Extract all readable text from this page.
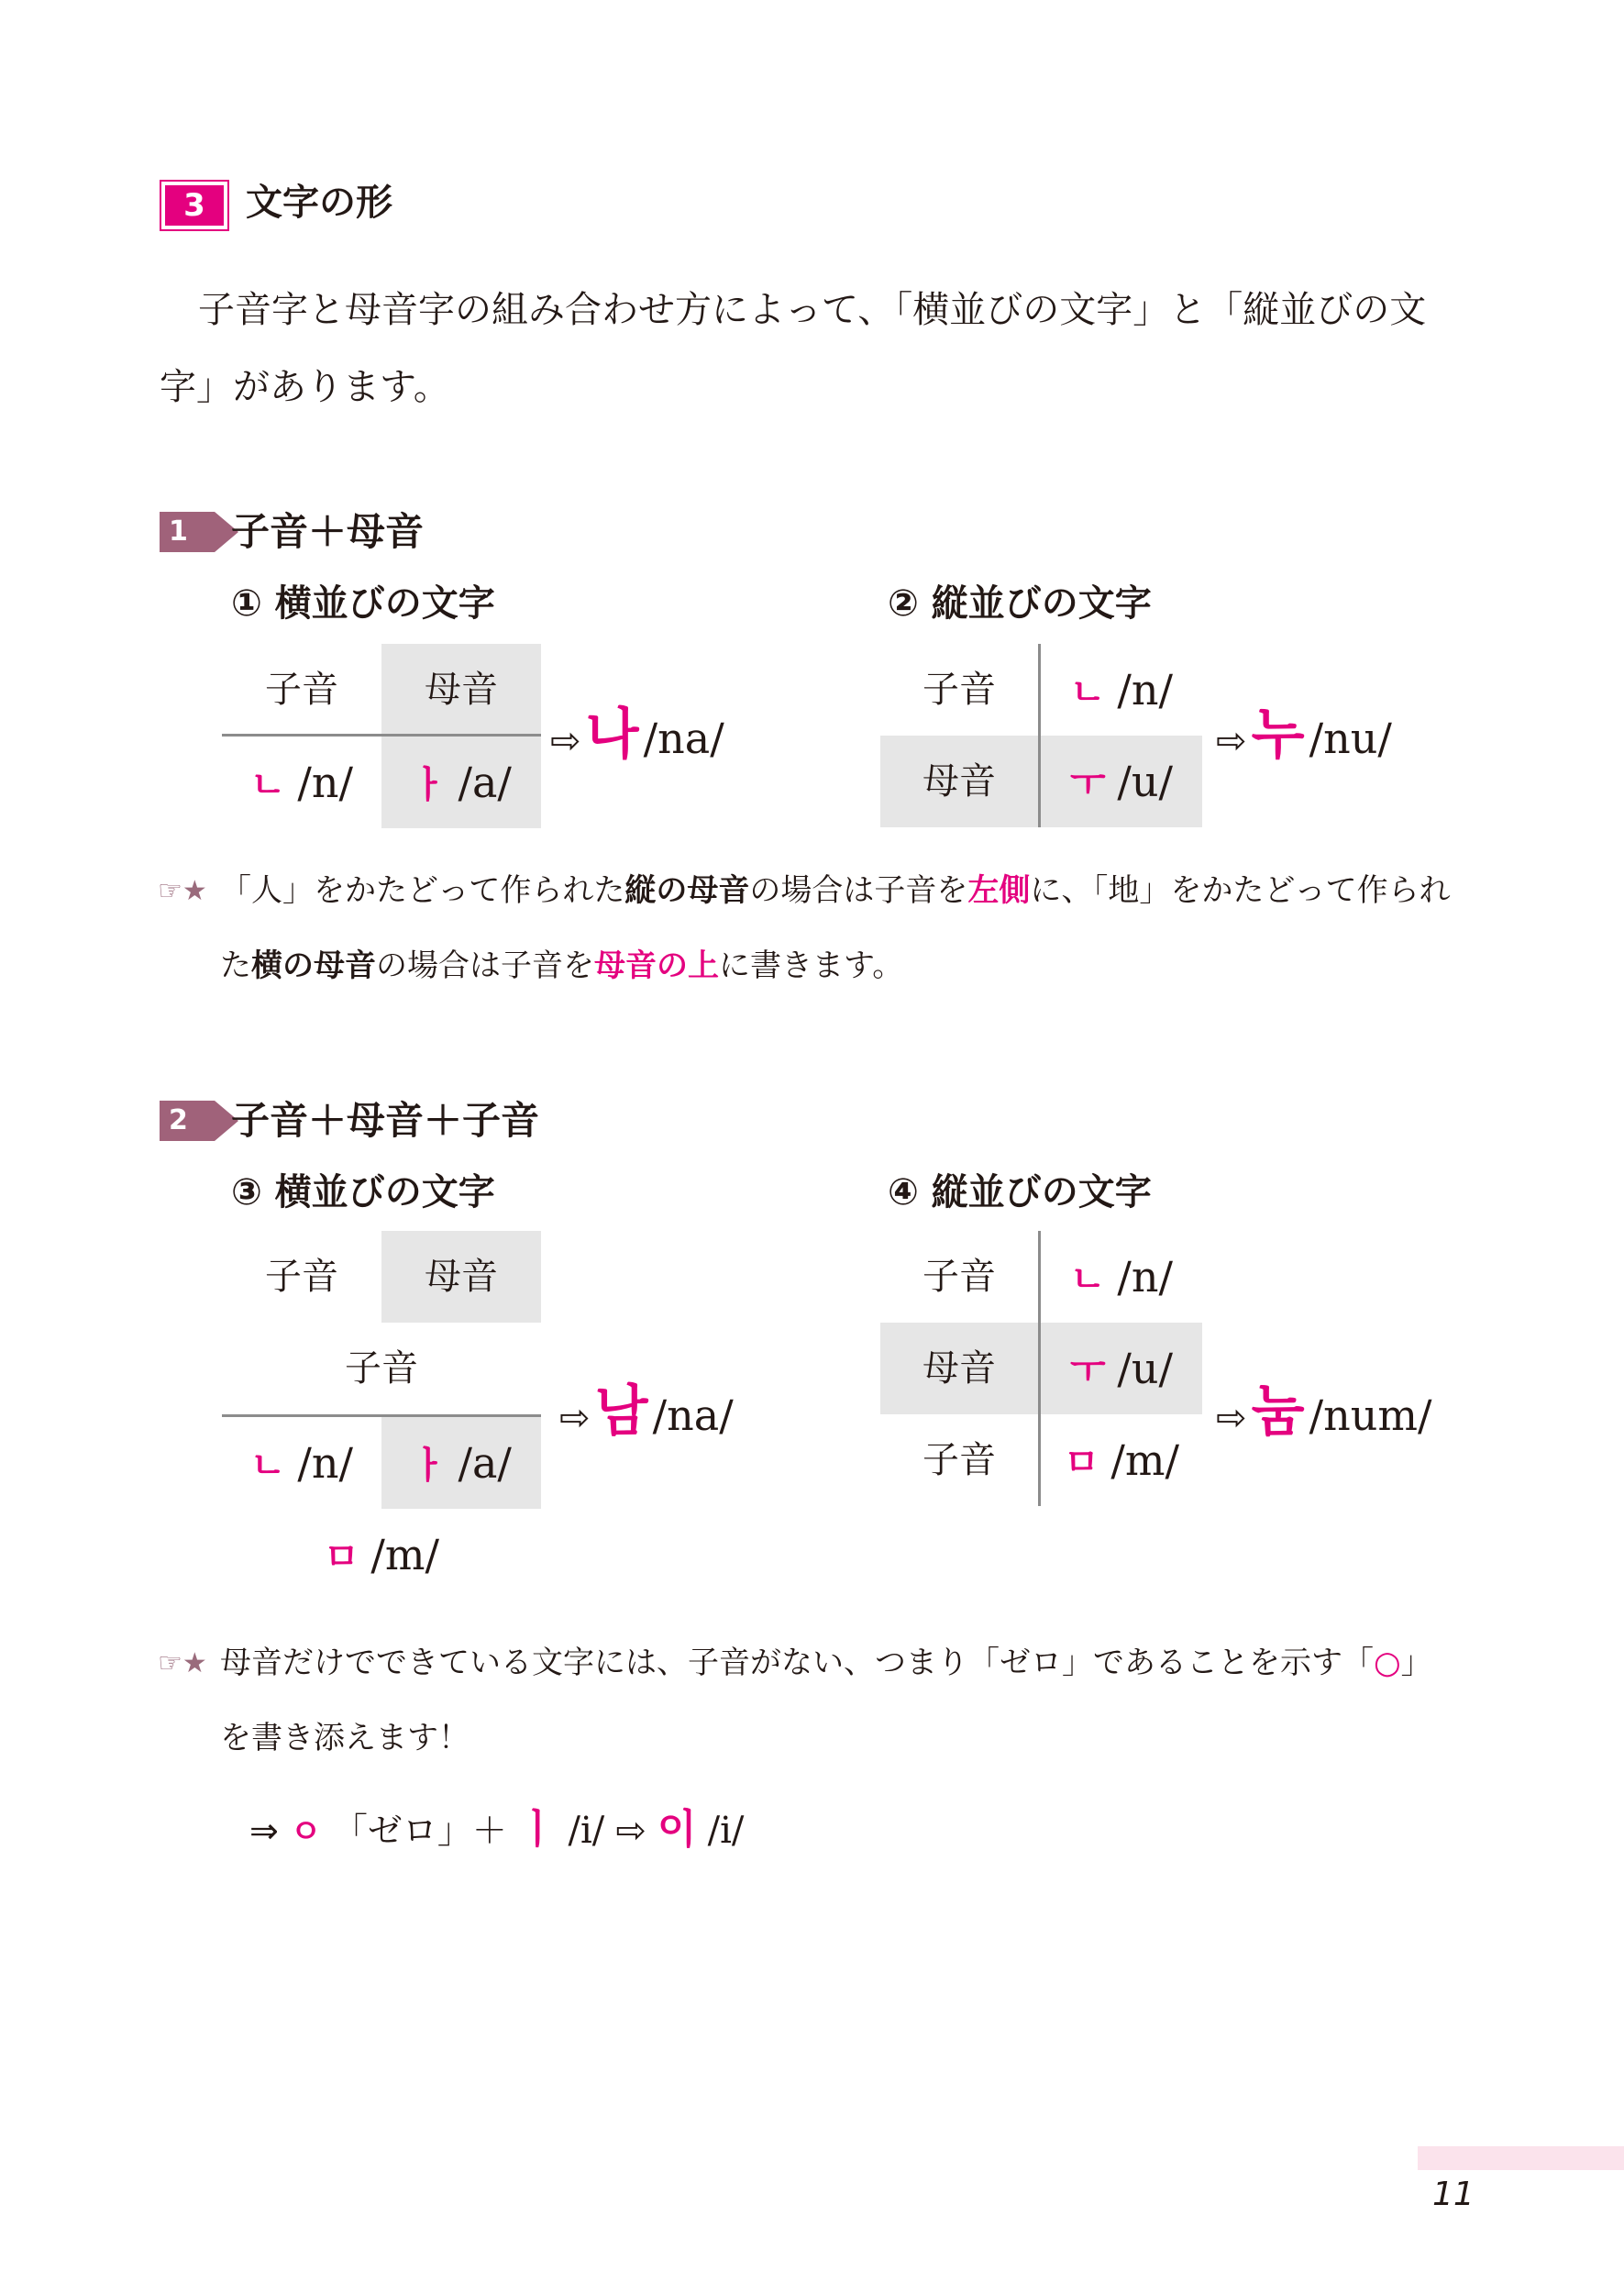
3	文字の形
子音字と母音字の組み合わせ方によって、「横並びの文字」と「縦並びの文
字」があります。
1	子音＋母音
① 横並びの文字
子音	母音
ㄴ /n/	ㅏ /a/
⇨ 나 /na/
② 縦並びの文字
子音	ㄴ /n/
母音	ㅜ /u/
⇨ 누 /nu/
☞★ 「人」をかたどって作られた縦の母音の場合は子音を左側に、「地」をかたどって作られ
た横の母音の場合は子音を母音の上に書きます。
2	子音＋母音＋子音
③ 横並びの文字
子音	母音
子音
ㄴ /n/	ㅏ /a/
ㅁ /m/
⇨ 남 /na/
④ 縦並びの文字
子音	ㄴ /n/
母音	ㅜ /u/
子音	ㅁ /m/
⇨ 눔 /num/
☞★ 母音だけでできている文字には、子音がない、つまり「ゼロ」であることを示す「○」
を書き添えます！
⇒ ㅇ 「ゼロ」＋ ㅣ /i/ ⇨ 이 /i/
11
